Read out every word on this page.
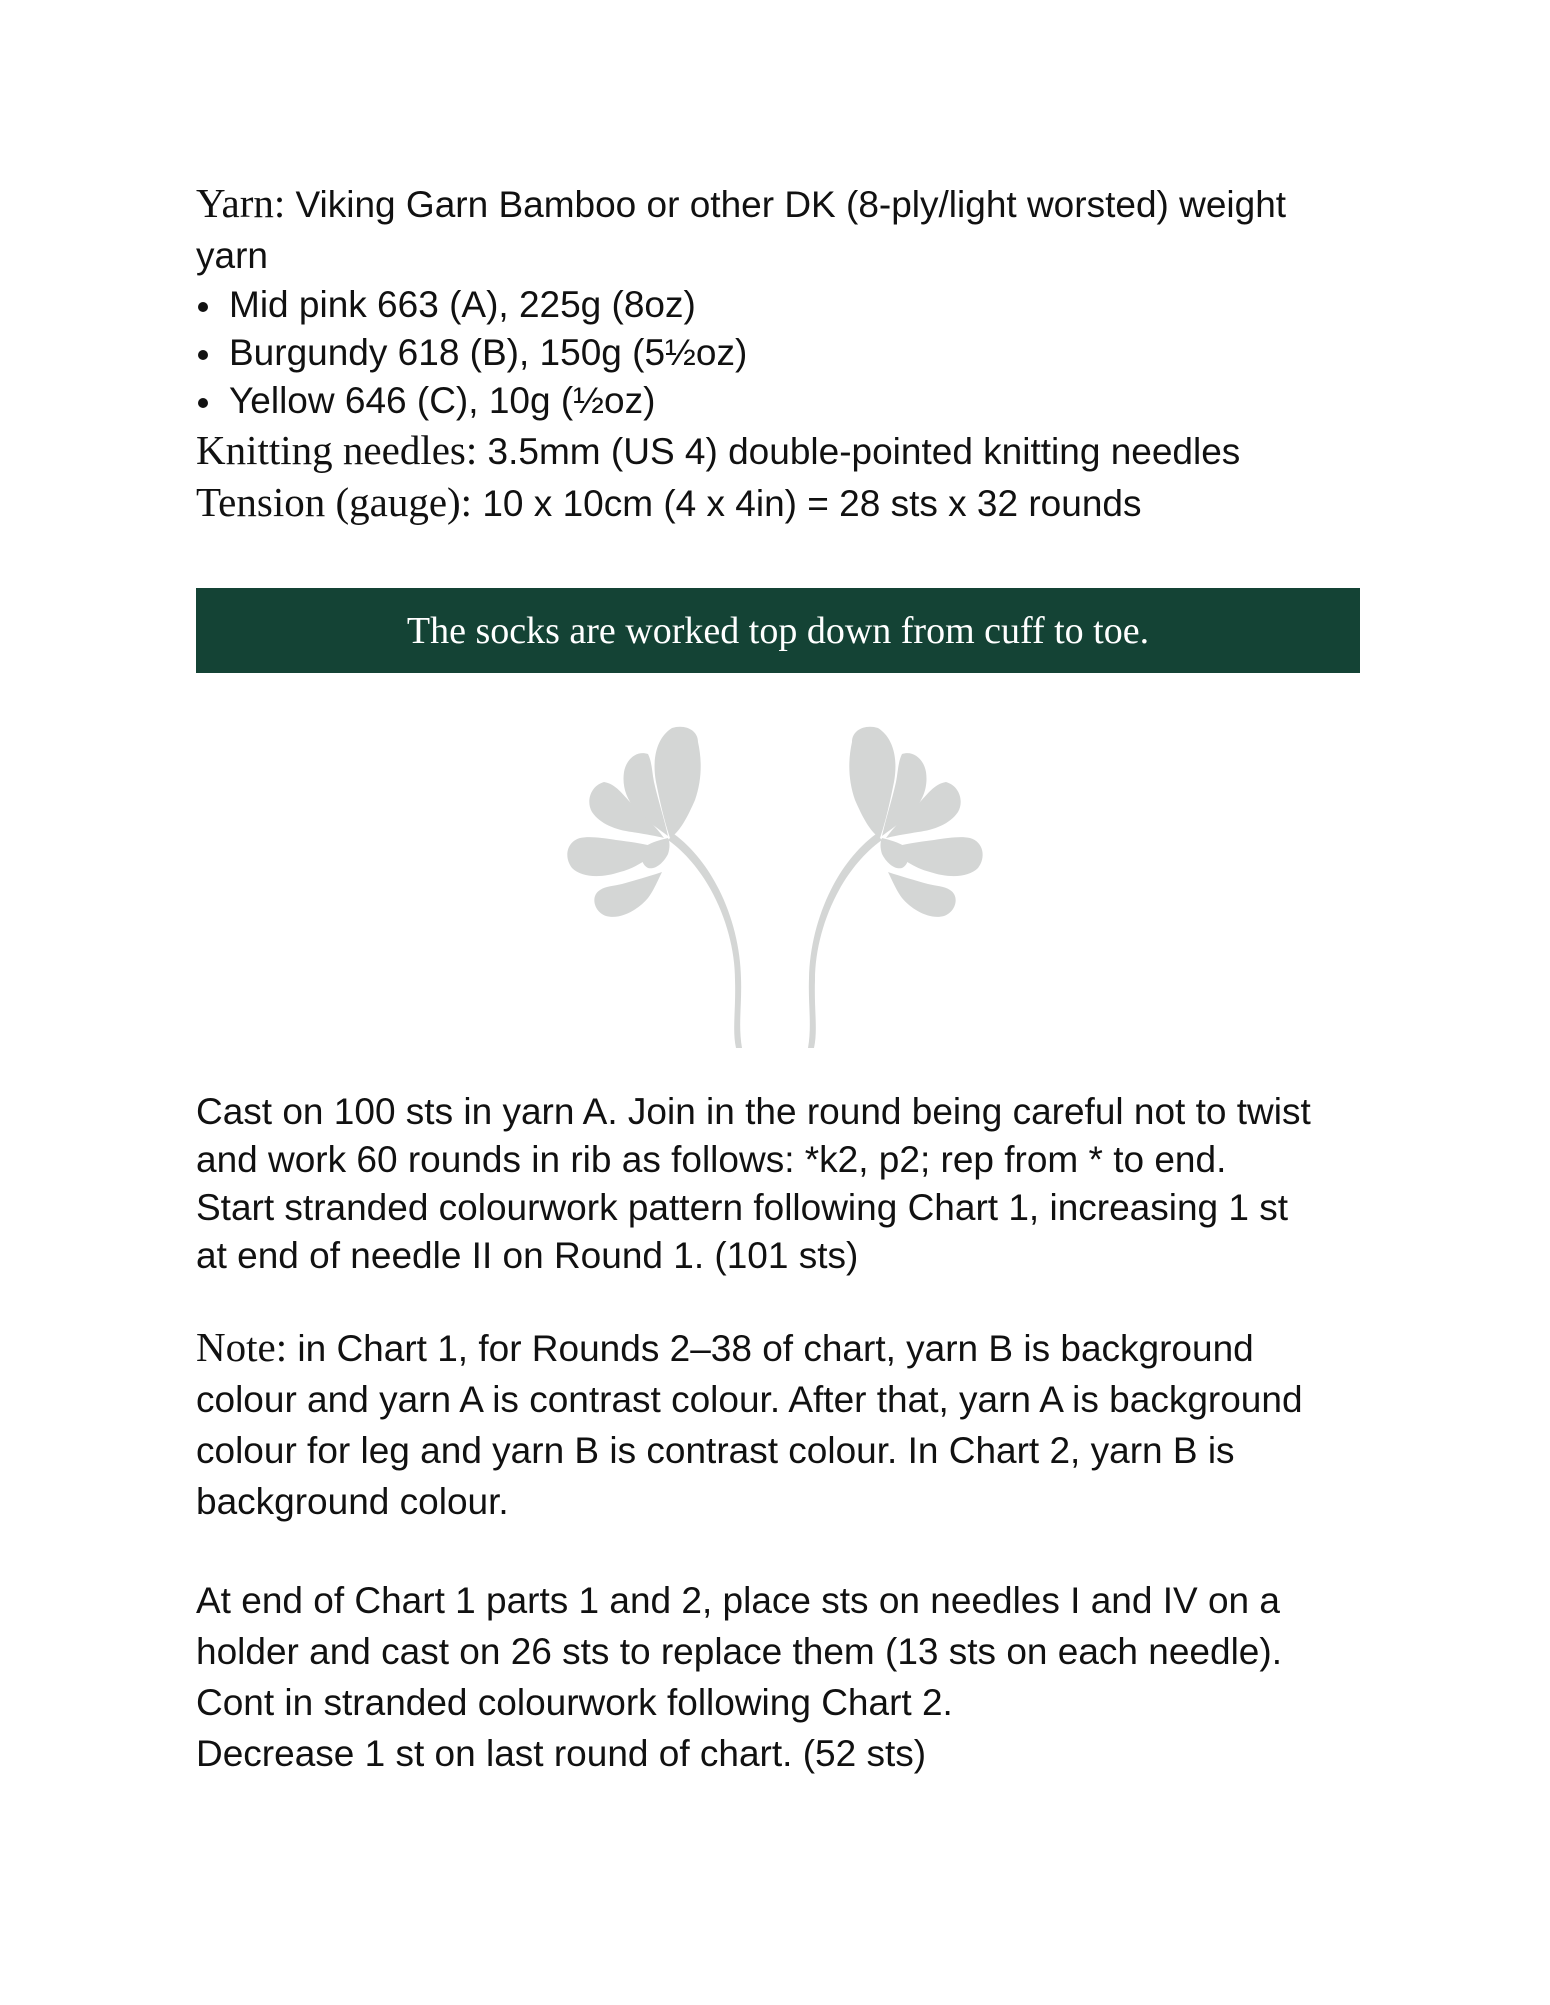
Yarn: Viking Garn Bamboo or other DK (8-ply/light worsted) weight

yarn

Mid pink 663 (A), 225g (8oz)
Burgundy 618 (B), 150g (5½oz)
Yellow 646 (C), 10g (½oz)

Knitting needles: 3.5mm (US 4) double-pointed knitting needles

Tension (gauge): 10 x 10cm (4 x 4in) = 28 sts x 32 rounds

The socks are worked top down from cuff to toe.

Cast on 100 sts in yarn A. Join in the round being careful not to twist

and work 60 rounds in rib as follows: *k2, p2; rep from * to end.

Start stranded colourwork pattern following Chart 1, increasing 1 st

at end of needle II on Round 1. (101 sts)

Note: in Chart 1, for Rounds 2–38 of chart, yarn B is background

colour and yarn A is contrast colour. After that, yarn A is background

colour for leg and yarn B is contrast colour. In Chart 2, yarn B is

background colour.

At end of Chart 1 parts 1 and 2, place sts on needles I and IV on a

holder and cast on 26 sts to replace them (13 sts on each needle).

Cont in stranded colourwork following Chart 2.

Decrease 1 st on last round of chart. (52 sts)
